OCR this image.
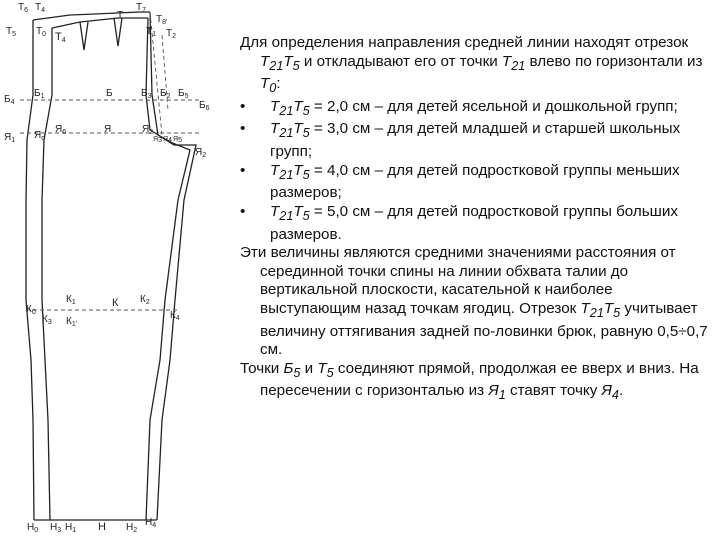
$Т_6$ $Т_4$	Т
$Т_7$
$Т_5$ $Т_0$ Т4
$Т_{8'}$
$Т_1$ $Т_2$
$Б_4$
$Б_1$	Б	$Б_3$ $Б_2$ $Б_5$
$Б_6$
$Я_1$ $Я_о$
$Я_6$	Я	$Я_2$
Я3 Я4 Я5
$Я_2$
$К_0$
$К_3$
$К_1$
$К_{1'}$
К $К_2$
$К_4$
$Н_0$ $Н_3$ $Н_1$ Н $Н_2$
$Н_4$

Для определения направления средней линии находят отрезок $Т_{21}Т_5$ и откладывают его от точки $Т_{21}$ влево по горизонтали из $Т_0$:

• $Т_{21}Т_5 = 2,0$ см – для детей ясельной и дошкольной групп;
• $Т_{21}Т_5 = 3,0$ см – для детей младшей и старшей школьных групп;
• $Т_{21}Т_5 = 4,0$ см – для детей подростковой группы меньших размеров;
• $Т_{21}Т_5 = 5,0$ см – для детей подростковой группы больших размеров.

Эти величины являются средними значениями расстояния от серединной точки спины на линии обхвата талии до вертикальной плоскости, касательной к наиболее выступающим назад точкам ягодиц. Отрезок $Т_{21}Т_5$ учитывает величину оттягивания задней по-ловинки брюк, равную 0,5÷0,7 см.

Точки $Б_5$ и $Т_5$ соединяют прямой, продолжая ее вверх и вниз. На пересечении с горизонталью из $Я_1$ ставят точку $Я_4$.
